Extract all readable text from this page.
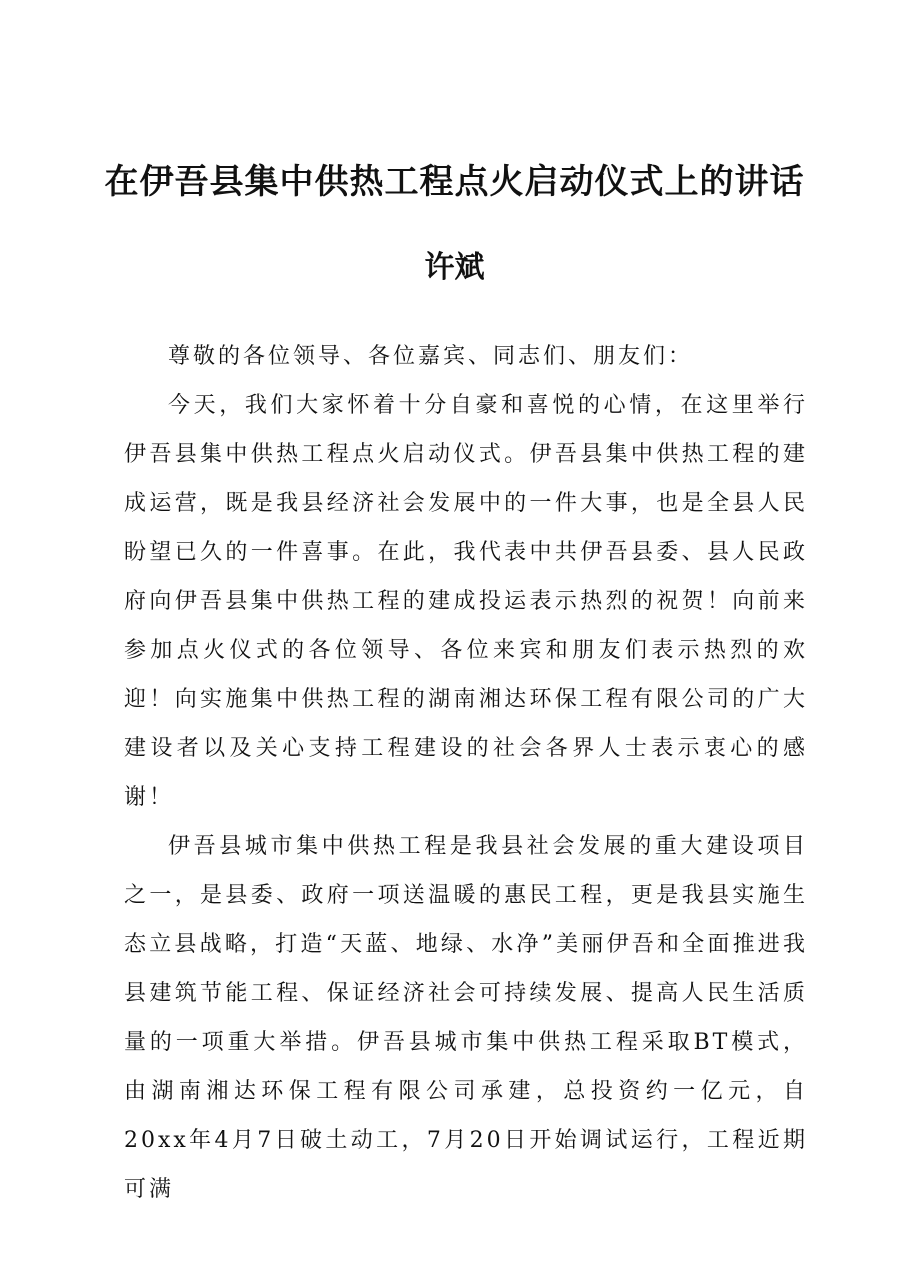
在伊吾县集中供热工程点火启动仪式上的讲话
许斌

尊敬的各位领导、各位嘉宾、同志们、朋友们：

今天，我们大家怀着十分自豪和喜悦的心情，在这里举行伊吾县集中供热工程点火启动仪式。伊吾县集中供热工程的建成运营，既是我县经济社会发展中的一件大事，也是全县人民盼望已久的一件喜事。在此，我代表中共伊吾县委、县人民政府向伊吾县集中供热工程的建成投运表示热烈的祝贺！向前来参加点火仪式的各位领导、各位来宾和朋友们表示热烈的欢迎！向实施集中供热工程的湖南湘达环保工程有限公司的广大建设者以及关心支持工程建设的社会各界人士表示衷心的感谢！

伊吾县城市集中供热工程是我县社会发展的重大建设项目之一，是县委、政府一项送温暖的惠民工程，更是我县实施生态立县战略，打造“天蓝、地绿、水净”美丽伊吾和全面推进我县建筑节能工程、保证经济社会可持续发展、提高人民生活质量的一项重大举措。伊吾县城市集中供热工程采取BT模式，由湖南湘达环保工程有限公司承建，总投资约一亿元，自20xx年4月7日破土动工，7月20日开始调试运行，工程近期可满
